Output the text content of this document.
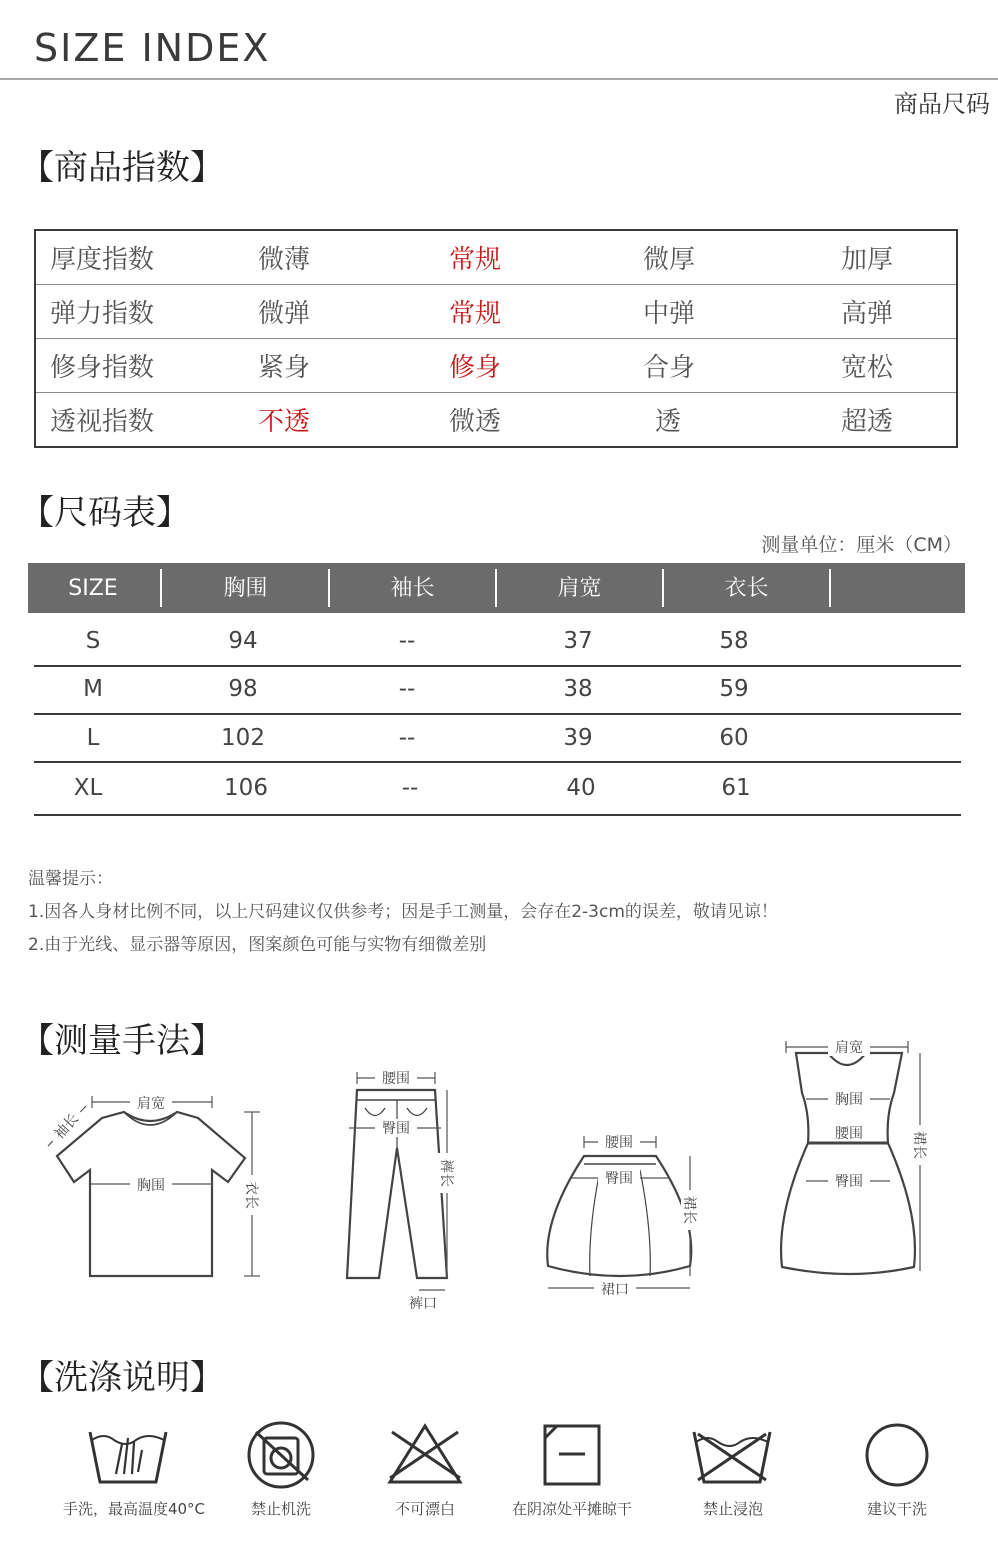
SIZE INDEX
商品尺码
【商品指数】
厚度指数	微薄	常规	微厚	加厚
弹力指数	微弹	常规	中弹	高弹
修身指数	紧身	修身	合身	宽松
透视指数	不透	微透	透	超透
【尺码表】
测量单位：厘米（CM）
SIZE	胸围	袖长	肩宽	衣长
S	94	--	37	58
M	98	--	38	59
L	102	--	39	60
XL	106	--	40	61
温馨提示：
1.因各人身材比例不同，以上尺码建议仅供参考；因是手工测量，会存在2-3cm的误差，敬请见谅！
2.由于光线、显示器等原因，图案颜色可能与实物有细微差别
【测量手法】
肩宽
胸围	衣长
袖长
腰围
臀围
裤长
裤口
腰围
臀围
裙长
裙口
肩宽
胸围
腰围
臀围
裙长
【洗涤说明】
手洗，最高温度40°C	禁止机洗	不可漂白	在阴凉处平摊晾干	禁止浸泡	建议干洗
